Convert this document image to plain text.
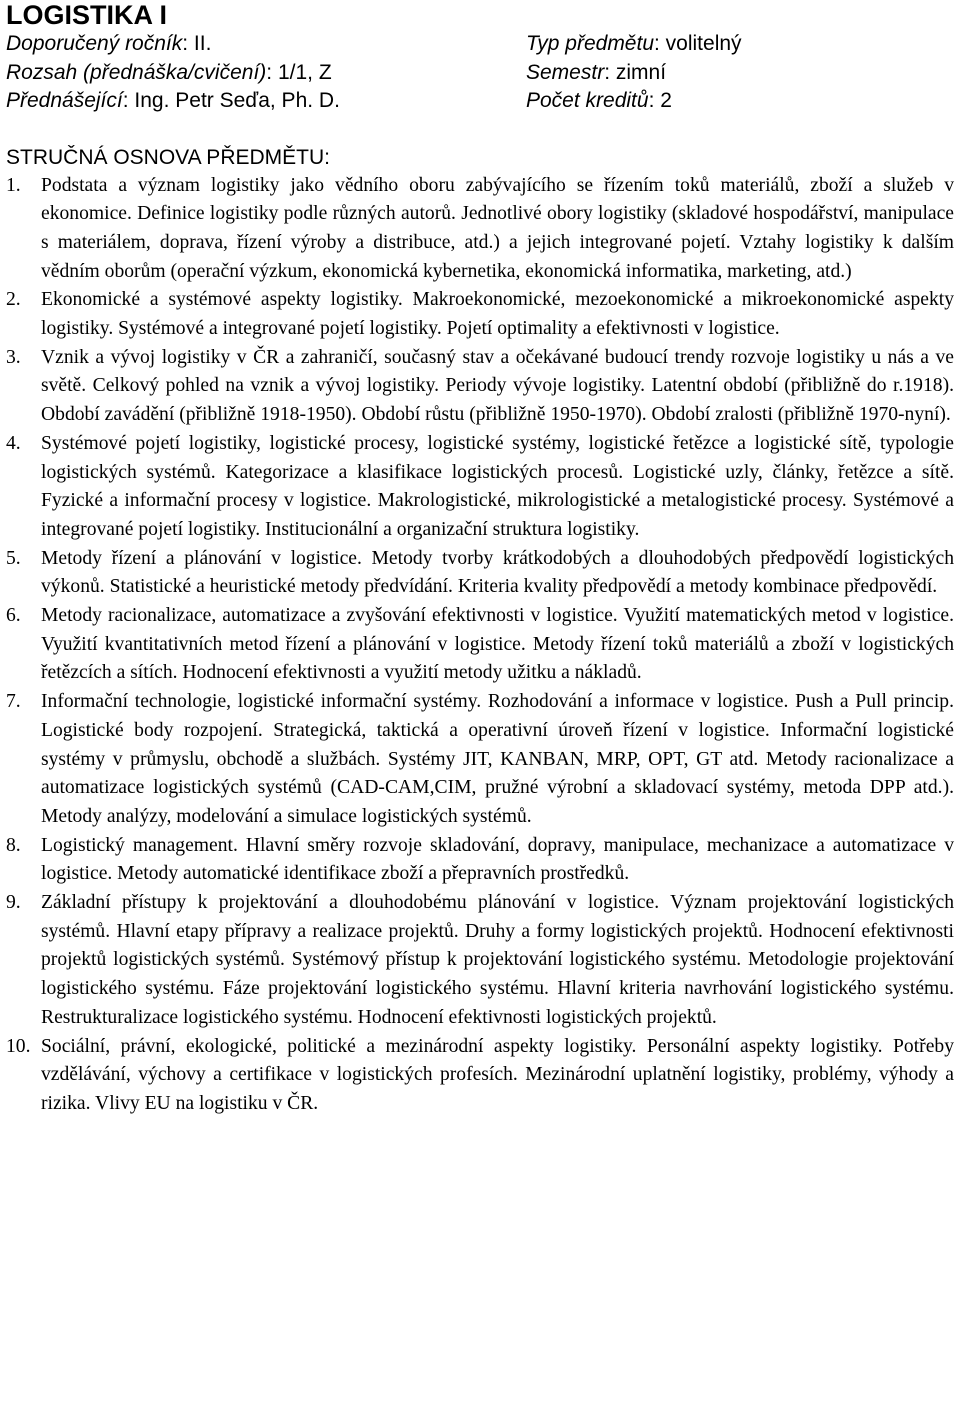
LOGISTIKA I
Doporučený ročník: II.	Typ předmětu: volitelný
Rozsah (přednáška/cvičení): 1/1, Z	Semestr: zimní
Přednášející: Ing. Petr Seďa, Ph. D.	Počet kreditů: 2
STRUČNÁ OSNOVA PŘEDMĚTU:
1.	Podstata a význam logistiky jako vědního oboru zabývajícího se řízením toků materiálů, zboží a služeb v ekonomice. Definice logistiky podle různých autorů. Jednotlivé obory logistiky (skladové hospodářství, manipulace s materiálem, doprava, řízení výroby a distribuce, atd.) a jejich integrované pojetí. Vztahy logistiky k dalším vědním oborům (operační výzkum, ekonomická kybernetika, ekonomická informatika, marketing, atd.)
2.	Ekonomické a systémové aspekty logistiky. Makroekonomické, mezoekonomické a mikroekonomické aspekty logistiky. Systémové a integrované pojetí logistiky. Pojetí optimality a efektivnosti v logistice.
3.	Vznik a vývoj logistiky v ČR a zahraničí, současný stav a očekávané budoucí trendy rozvoje logistiky u nás a ve světě. Celkový pohled na vznik a vývoj logistiky. Periody vývoje logistiky. Latentní období (přibližně do r.1918). Období zavádění (přibližně 1918-1950). Období růstu (přibližně 1950-1970). Období zralosti (přibližně 1970-nyní).
4.	Systémové pojetí logistiky, logistické procesy, logistické systémy, logistické řetězce a logistické sítě, typologie logistických systémů. Kategorizace a klasifikace logistických procesů. Logistické uzly, články, řetězce a sítě. Fyzické a informační procesy v logistice. Makrologistické, mikrologistické a metalogistické procesy. Systémové a integrované pojetí logistiky. Institucionální a organizační struktura logistiky.
5.	Metody řízení a plánování v logistice. Metody tvorby krátkodobých a dlouhodobých předpovědí logistických výkonů. Statistické a heuristické metody předvídání. Kriteria kvality předpovědí a metody kombinace předpovědí.
6.	Metody racionalizace, automatizace a zvyšování efektivnosti v logistice. Využití matematických metod v logistice. Využití kvantitativních metod řízení a plánování v logistice. Metody řízení toků materiálů a zboží v logistických řetězcích a sítích. Hodnocení efektivnosti a využití metody užitku a nákladů.
7.	Informační technologie, logistické informační systémy. Rozhodování a informace v logistice. Push a Pull princip. Logistické body rozpojení. Strategická, taktická a operativní úroveň řízení v logistice. Informační logistické systémy v průmyslu, obchodě a službách. Systémy JIT, KANBAN, MRP, OPT, GT atd. Metody racionalizace a automatizace logistických systémů (CAD-CAM,CIM, pružné výrobní a skladovací systémy, metoda DPP atd.). Metody analýzy, modelování a simulace logistických systémů.
8.	Logistický management. Hlavní směry rozvoje skladování, dopravy, manipulace, mechanizace a automatizace v logistice. Metody automatické identifikace zboží a přepravních prostředků.
9.	Základní přístupy k projektování a dlouhodobému plánování v logistice. Význam projektování logistických systémů. Hlavní etapy přípravy a realizace projektů. Druhy a formy logistických projektů. Hodnocení efektivnosti projektů logistických systémů. Systémový přístup k projektování logistického systému. Metodologie projektování logistického systému. Fáze projektování logistického systému. Hlavní kriteria navrhování logistického systému. Restrukturalizace logistického systému. Hodnocení efektivnosti logistických projektů.
10. Sociální, právní, ekologické, politické a mezinárodní aspekty logistiky. Personální aspekty logistiky. Potřeby vzdělávání, výchovy a certifikace v logistických profesích. Mezinárodní uplatnění logistiky, problémy, výhody a rizika. Vlivy EU na logistiku v ČR.
